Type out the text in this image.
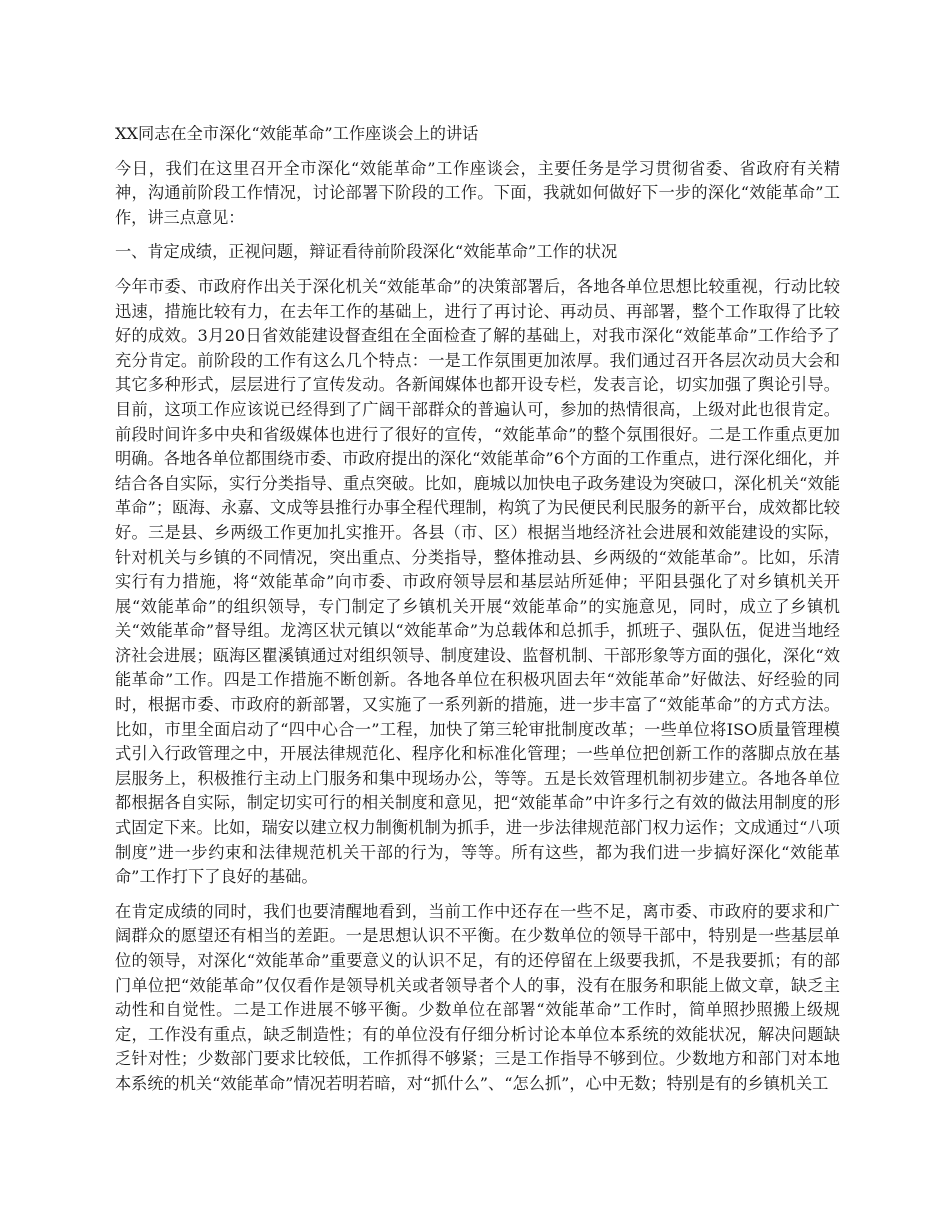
XX同志在全市深化“效能革命”工作座谈会上的讲话

今日，我们在这里召开全市深化“效能革命”工作座谈会，主要任务是学习贯彻省委、省政府有关精神，沟通前阶段工作情况，讨论部署下阶段的工作。下面，我就如何做好下一步的深化“效能革命”工作，讲三点意见：

一、肯定成绩，正视问题，辩证看待前阶段深化“效能革命”工作的状况

今年市委、市政府作出关于深化机关“效能革命”的决策部署后，各地各单位思想比较重视，行动比较迅速，措施比较有力，在去年工作的基础上，进行了再讨论、再动员、再部署，整个工作取得了比较好的成效。3月20日省效能建设督查组在全面检查了解的基础上，对我市深化“效能革命”工作给予了充分肯定。前阶段的工作有这么几个特点：一是工作氛围更加浓厚。我们通过召开各层次动员大会和其它多种形式，层层进行了宣传发动。各新闻媒体也都开设专栏，发表言论，切实加强了舆论引导。目前，这项工作应该说已经得到了广阔干部群众的普遍认可，参加的热情很高，上级对此也很肯定。前段时间许多中央和省级媒体也进行了很好的宣传，“效能革命”的整个氛围很好。二是工作重点更加明确。各地各单位都围绕市委、市政府提出的深化“效能革命”6个方面的工作重点，进行深化细化，并结合各自实际，实行分类指导、重点突破。比如，鹿城以加快电子政务建设为突破口，深化机关“效能革命”；瓯海、永嘉、文成等县推行办事全程代理制，构筑了为民便民利民服务的新平台，成效都比较好。三是县、乡两级工作更加扎实推开。各县（市、区）根据当地经济社会进展和效能建设的实际，针对机关与乡镇的不同情况，突出重点、分类指导，整体推动县、乡两级的“效能革命”。比如，乐清实行有力措施，将“效能革命”向市委、市政府领导层和基层站所延伸；平阳县强化了对乡镇机关开展“效能革命”的组织领导，专门制定了乡镇机关开展“效能革命”的实施意见，同时，成立了乡镇机关“效能革命”督导组。龙湾区状元镇以“效能革命”为总载体和总抓手，抓班子、强队伍，促进当地经济社会进展；瓯海区瞿溪镇通过对组织领导、制度建设、监督机制、干部形象等方面的强化，深化“效能革命”工作。四是工作措施不断创新。各地各单位在积极巩固去年“效能革命”好做法、好经验的同时，根据市委、市政府的新部署，又实施了一系列新的措施，进一步丰富了“效能革命”的方式方法。比如，市里全面启动了“四中心合一”工程，加快了第三轮审批制度改革；一些单位将ISO质量管理模式引入行政管理之中，开展法律规范化、程序化和标准化管理；一些单位把创新工作的落脚点放在基层服务上，积极推行主动上门服务和集中现场办公，等等。五是长效管理机制初步建立。各地各单位都根据各自实际，制定切实可行的相关制度和意见，把“效能革命”中许多行之有效的做法用制度的形式固定下来。比如，瑞安以建立权力制衡机制为抓手，进一步法律规范部门权力运作；文成通过“八项制度”进一步约束和法律规范机关干部的行为，等等。所有这些，都为我们进一步搞好深化“效能革命”工作打下了良好的基础。

在肯定成绩的同时，我们也要清醒地看到，当前工作中还存在一些不足，离市委、市政府的要求和广阔群众的愿望还有相当的差距。一是思想认识不平衡。在少数单位的领导干部中，特别是一些基层单位的领导，对深化“效能革命”重要意义的认识不足，有的还停留在上级要我抓，不是我要抓；有的部门单位把“效能革命”仅仅看作是领导机关或者领导者个人的事，没有在服务和职能上做文章，缺乏主动性和自觉性。二是工作进展不够平衡。少数单位在部署“效能革命”工作时，简单照抄照搬上级规定，工作没有重点，缺乏制造性；有的单位没有仔细分析讨论本单位本系统的效能状况，解决问题缺乏针对性；少数部门要求比较低，工作抓得不够紧；三是工作指导不够到位。少数地方和部门对本地本系统的机关“效能革命”情况若明若暗，对“抓什么”、“怎么抓”，心中无数；特别是有的乡镇机关工
